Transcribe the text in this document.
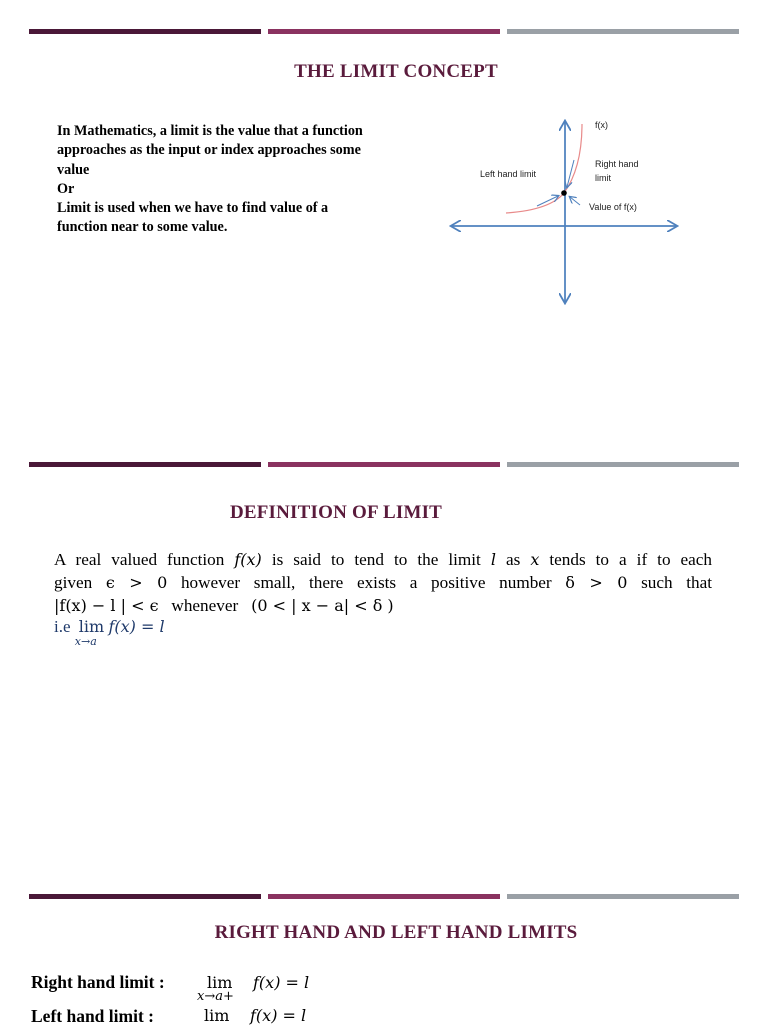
THE LIMIT CONCEPT
In Mathematics, a limit is the value that a function
approaches as the input or index approaches some
value
Or
Limit is used when we have to find value of a
function near to some value.
f(x)
Right hand
limit
Left hand limit
Value of f(x)
DEFINITION OF LIMIT
A real valued function f(x) is said to tend to the limit l as x tends to a if to each
given ϵ > 0 however small, there exists a positive number δ > 0 such that
|f(x) − l | < ϵ whenever (0 < | x − a| < δ )
i.e lim
x→a
f(x) = l
RIGHT HAND AND LEFT HAND LIMITS
Right hand limit :	lim
x→a+
f(x) = l
Left hand limit :	lim f(x) = l
